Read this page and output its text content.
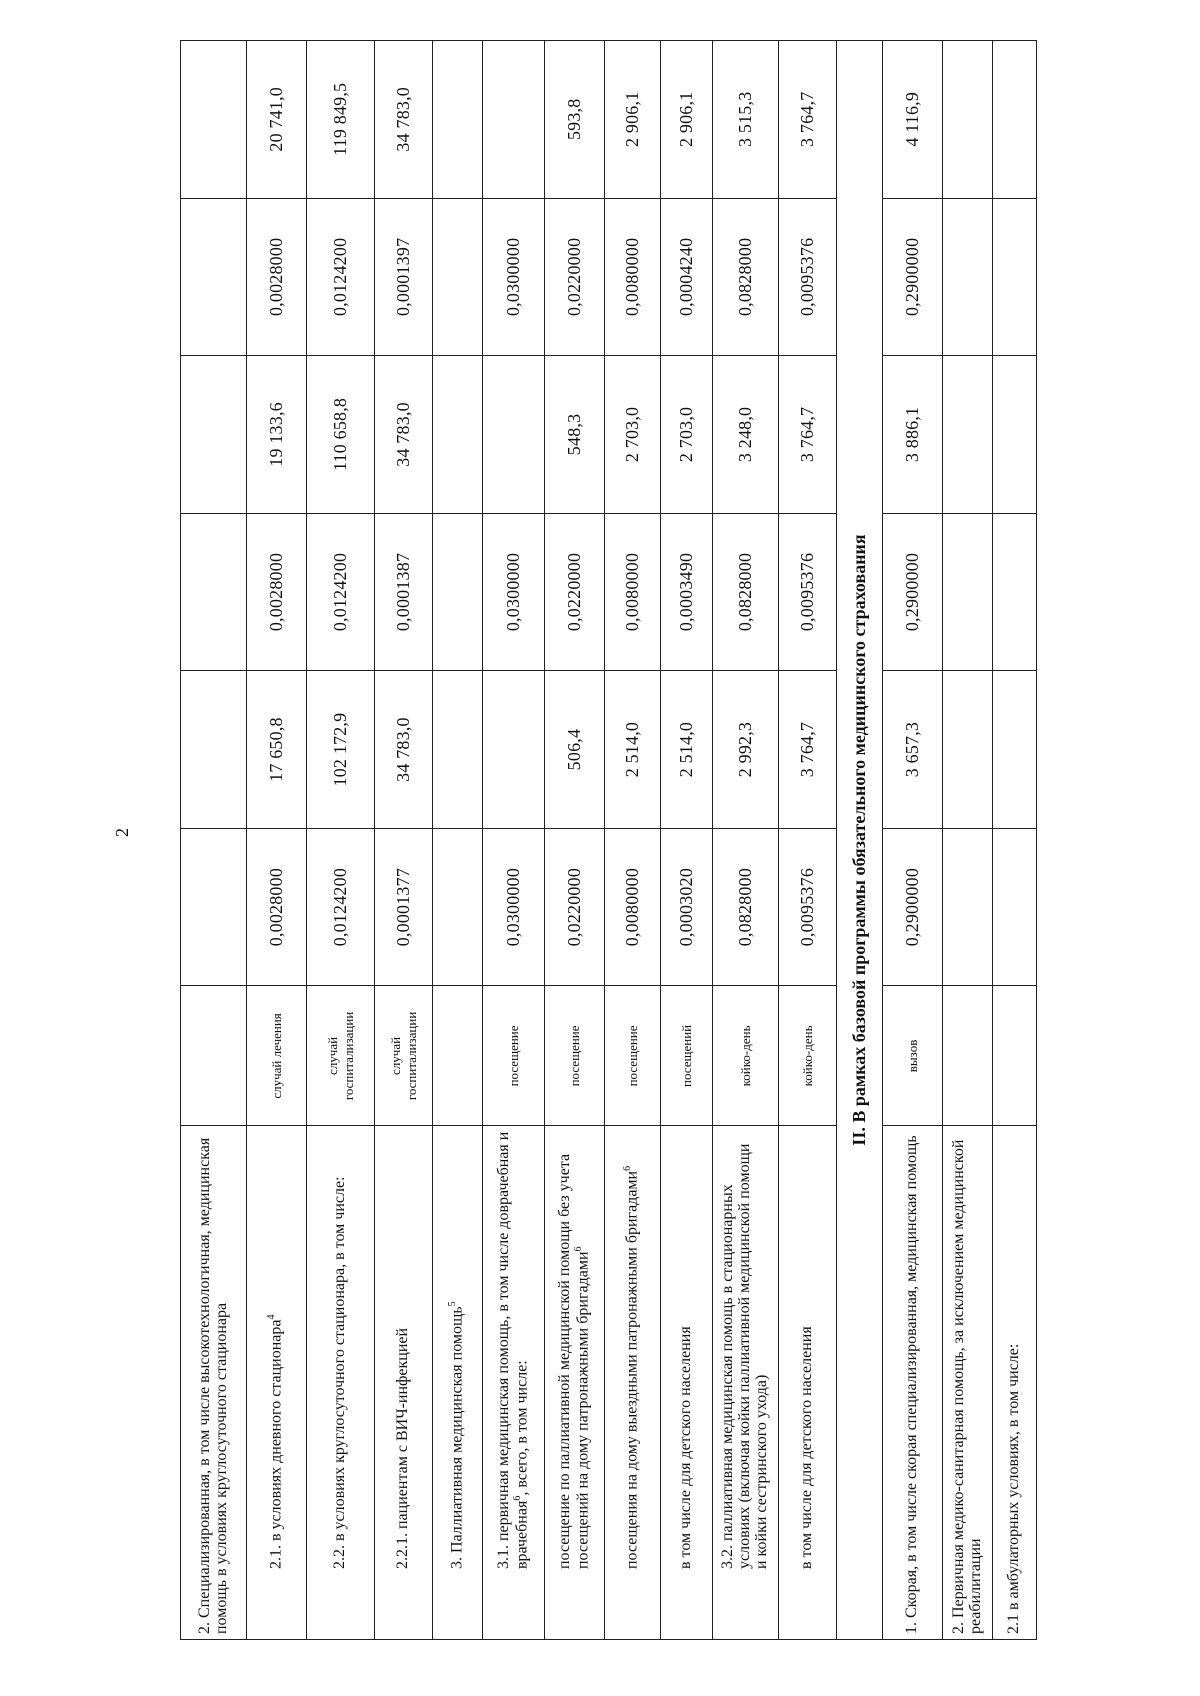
2
2. Специализированная, в том числе высокотехнологичная, медицинская помощь в условиях круглосуточного стационара							
2.1. в условиях дневного стационара$^4$	случай лечения	0,0028000	17 650,8	0,0028000	19 133,6	0,0028000	20 741,0
2.2. в условиях круглосуточного стационара, в том числе:	случай госпитализации	0,0124200	102 172,9	0,0124200	110 658,8	0,0124200	119 849,5
2.2.1. пациентам с ВИЧ-инфекцией	случай госпитализации	0,0001377	34 783,0	0,0001387	34 783,0	0,0001397	34 783,0
3. Паллиативная медицинская помощь$^5$							
3.1. первичная медицинская помощь, в том числе доврачебная и врачебная$^6$, всего, в том числе:	посещение	0,0300000		0,0300000		0,0300000	
посещение по паллиативной медицинской помощи без учета посещений на дому патронажными бригадами$^6$	посещение	0,0220000	506,4	0,0220000	548,3	0,0220000	593,8
посещения на дому выездными патронажными бригадами$^6$	посещение	0,0080000	2 514,0	0,0080000	2 703,0	0,0080000	2 906,1
в том числе для детского населения	посещений	0,0003020	2 514,0	0,0003490	2 703,0	0,0004240	2 906,1
3.2. паллиативная медицинская помощь в стационарных условиях (включая койки паллиативной медицинской помощи и койки сестринского ухода)	койко-день	0,0828000	2 992,3	0,0828000	3 248,0	0,0828000	3 515,3
в том числе для детского населения	койко-день	0,0095376	3 764,7	0,0095376	3 764,7	0,0095376	3 764,7
II. В рамках базовой программы обязательного медицинского страхования							
1. Скорая, в том числе скорая специализированная, медицинская помощь	вызов	0,2900000	3 657,3	0,2900000	3 886,1	0,2900000	4 116,9
2. Первичная медико-санитарная помощь, за исключением медицинской реабилитации							
2.1 в амбулаторных условиях, в том числе:							
